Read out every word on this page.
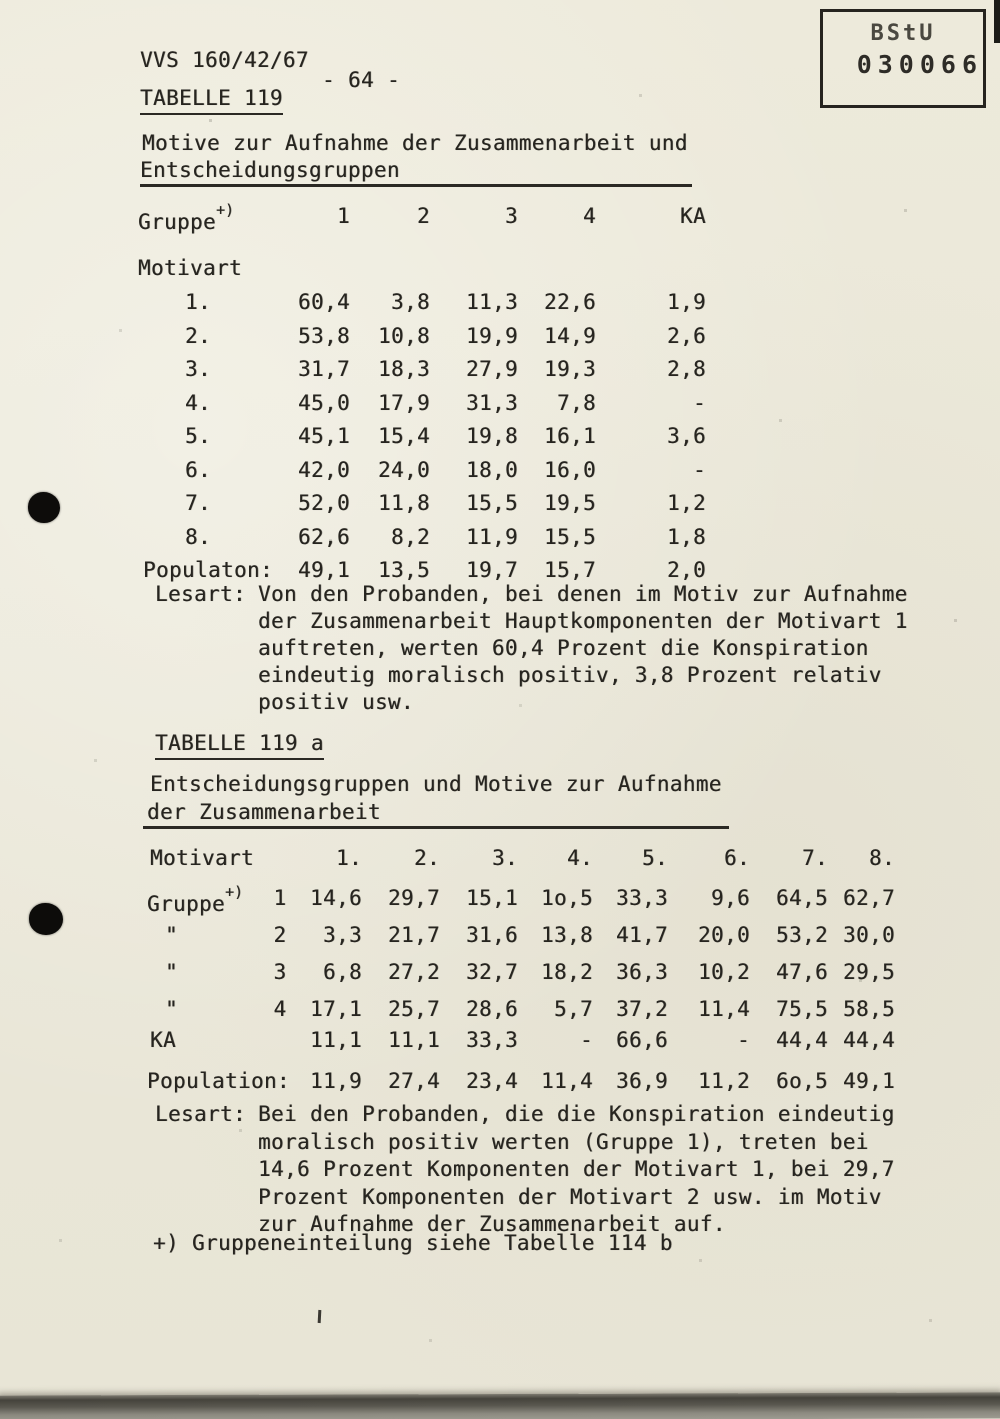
BStU
030066
VVS 160/42/67
- 64 -
TABELLE 119
Motive zur Aufnahme der Zusammenarbeit und
Entscheidungsgruppen
Gruppe+)	1	2	3	4	KA
Motivart					
1.	60,4	3,8	11,3	22,6	1,9
2.	53,8	10,8	19,9	14,9	2,6
3.	31,7	18,3	27,9	19,3	2,8
4.	45,0	17,9	31,3	7,8	-
5.	45,1	15,4	19,8	16,1	3,6
6.	42,0	24,0	18,0	16,0	-
7.	52,0	11,8	15,5	19,5	1,2
8.	62,6	8,2	11,9	15,5	1,8
Populaton:	49,1	13,5	19,7	15,7	2,0
Lesart: Von den Probanden, bei denen im Motiv zur Aufnahme
der Zusammenarbeit Hauptkomponenten der Motivart 1
auftreten, werten 60,4 Prozent die Konspiration
eindeutig moralisch positiv, 3,8 Prozent relativ
positiv usw.
TABELLE 119 a
Entscheidungsgruppen und Motive zur Aufnahme
der Zusammenarbeit
Motivart		1.	2.	3.	4.	5.	6.	7.	8.
Gruppe+)	1	14,6	29,7	15,1	1o,5	33,3	9,6	64,5	62,7
"	2	3,3	21,7	31,6	13,8	41,7	20,0	53,2	30,0
"	3	6,8	27,2	32,7	18,2	36,3	10,2	47,6	29,5
"	4	17,1	25,7	28,6	5,7	37,2	11,4	75,5	58,5
KA		11,1	11,1	33,3	-	66,6	-	44,4	44,4
Population:		11,9	27,4	23,4	11,4	36,9	11,2	6o,5	49,1
Lesart: Bei den Probanden, die die Konspiration eindeutig
moralisch positiv werten (Gruppe 1), treten bei
14,6 Prozent Komponenten der Motivart 1, bei 29,7
Prozent Komponenten der Motivart 2 usw. im Motiv
zur Aufnahme der Zusammenarbeit auf.
+) Gruppeneinteilung siehe Tabelle 114 b
